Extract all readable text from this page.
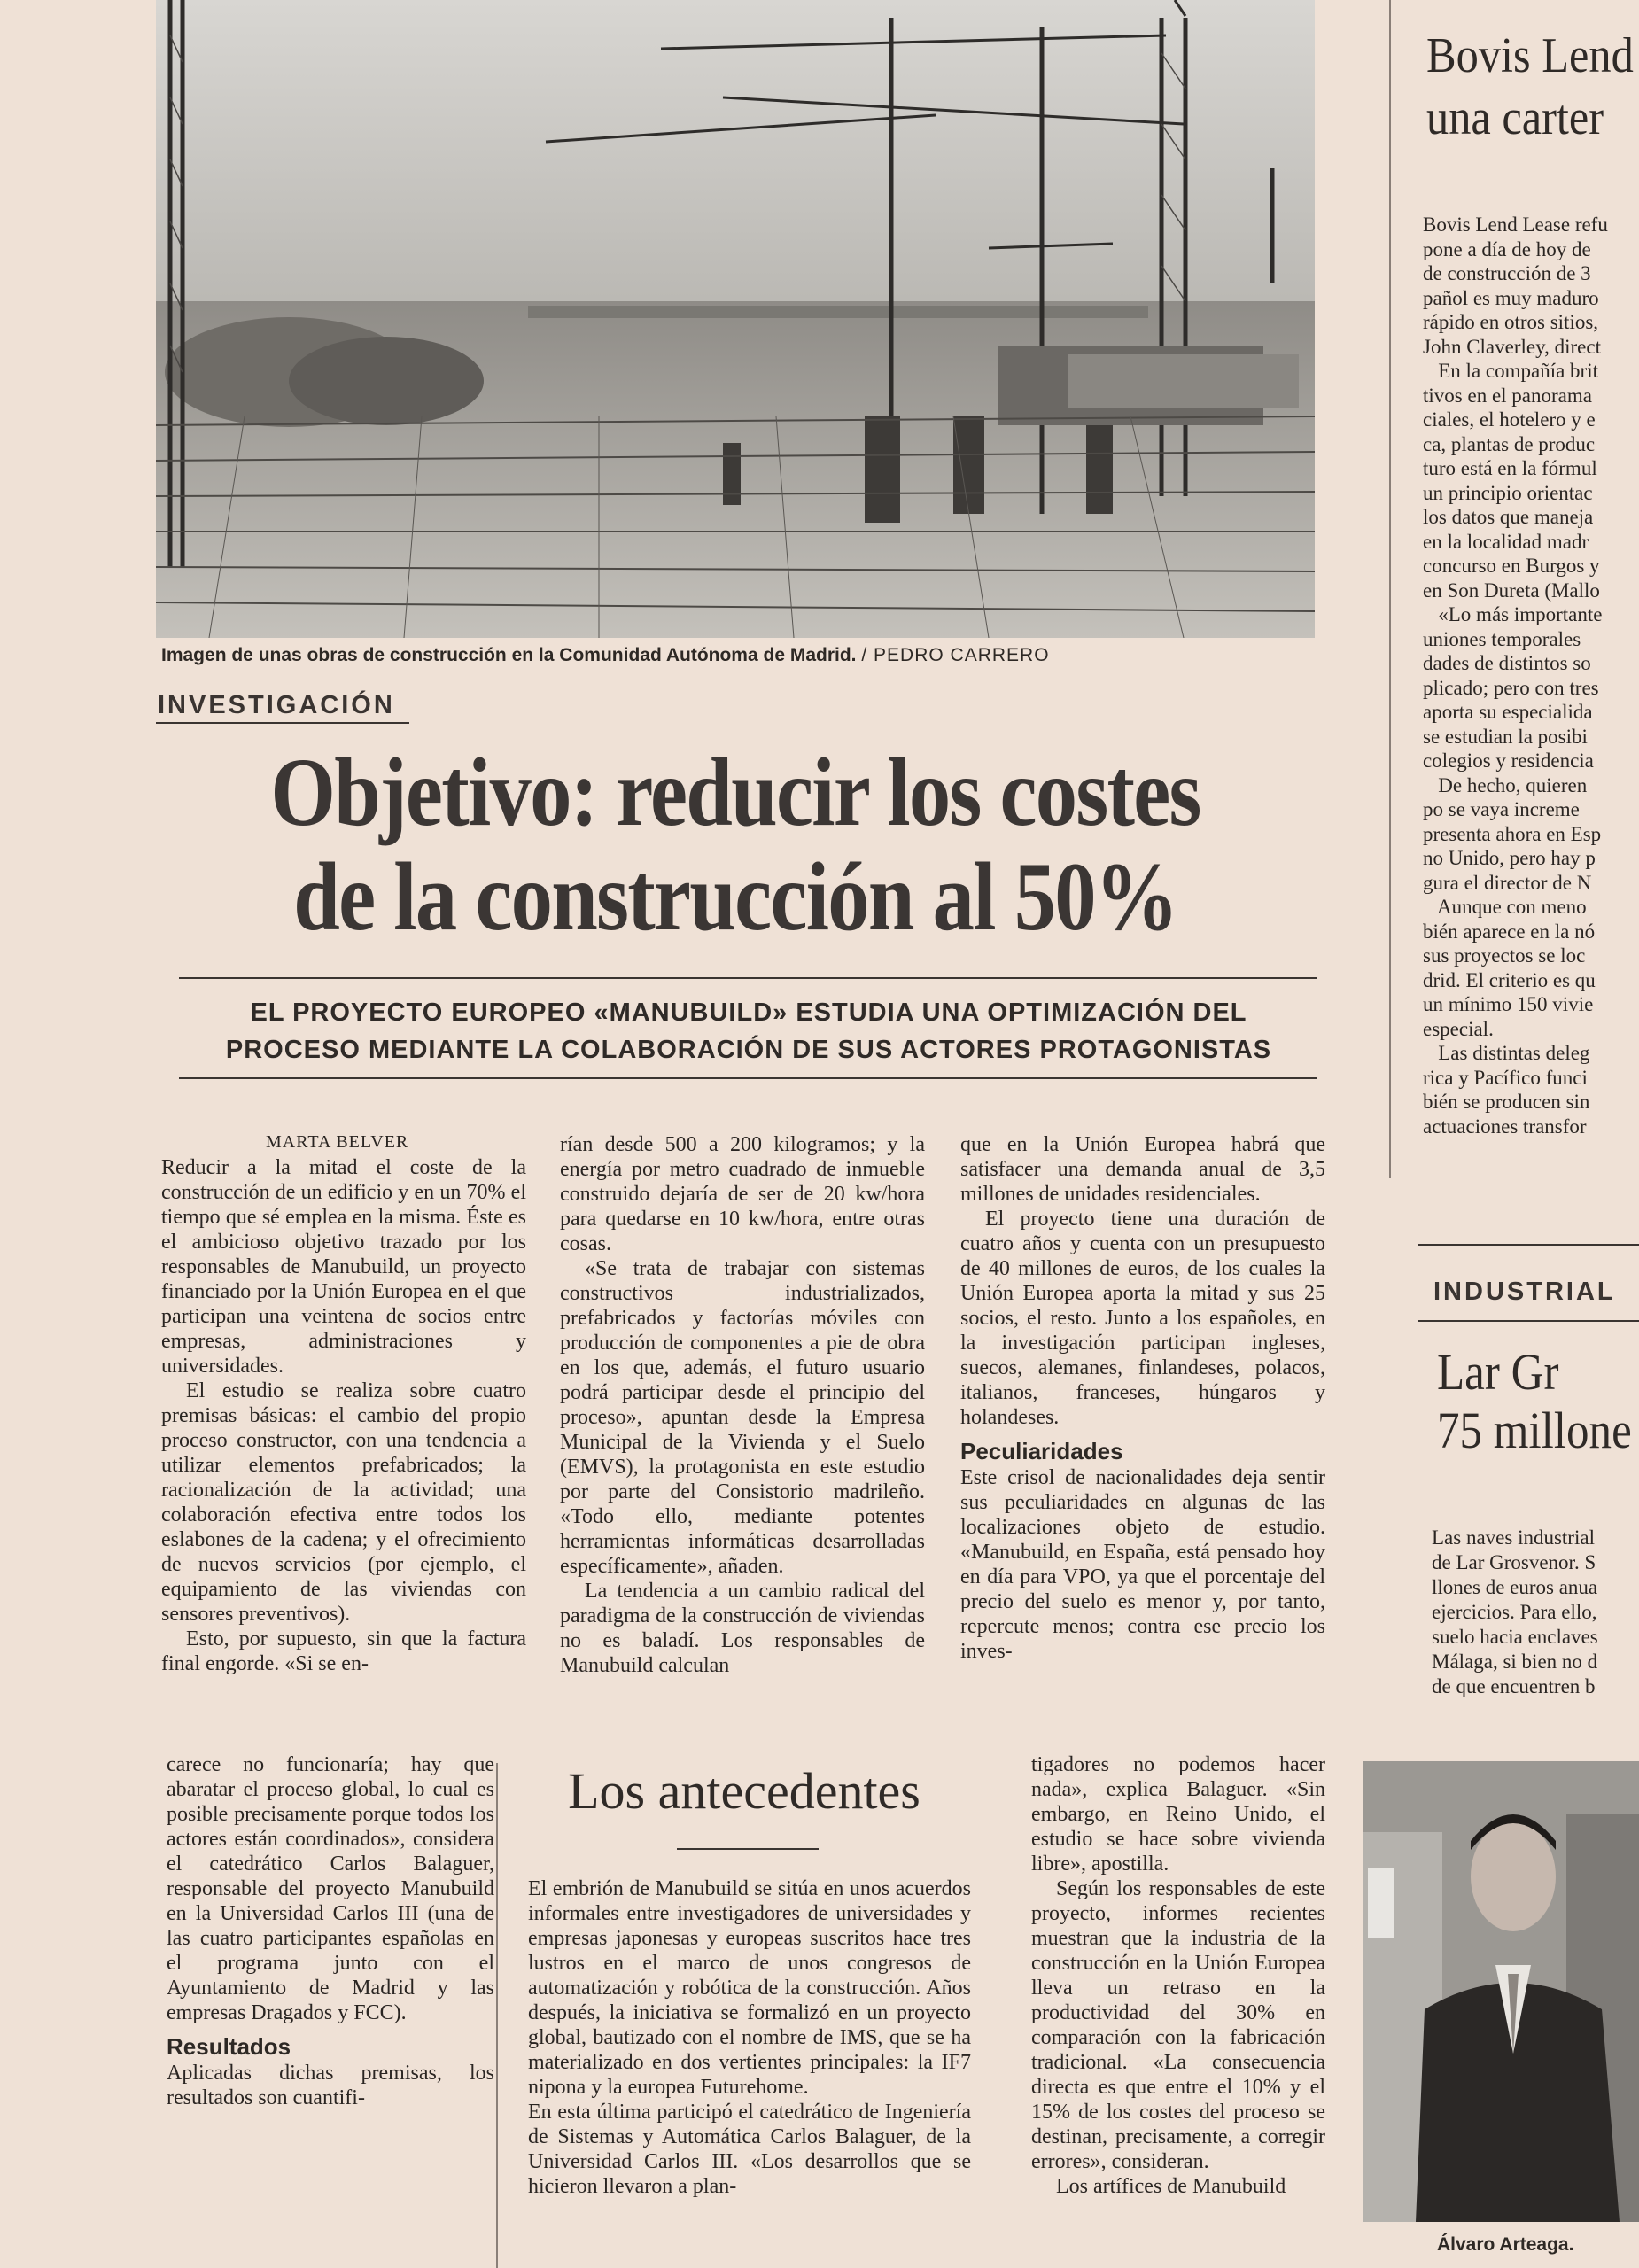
Imagen de unas obras de construcción en la Comunidad Autónoma de Madrid. / PEDRO CARRERO
INVESTIGACIÓN
Objetivo: reducir los costes
de la construcción al 50%
EL PROYECTO EUROPEO «MANUBUILD» ESTUDIA UNA OPTIMIZACIÓN DEL
PROCESO MEDIANTE LA COLABORACIÓN DE SUS ACTORES PROTAGONISTAS
MARTA BELVER

Reducir a la mitad el coste de la construcción de un edificio y en un 70% el tiempo que sé emplea en la misma. Éste es el ambicioso objetivo trazado por los responsables de Manubuild, un proyecto financiado por la Unión Europea en el que participan una veintena de socios entre empresas, administraciones y universidades.

El estudio se realiza sobre cuatro premisas básicas: el cambio del propio proceso constructor, con una tendencia a utilizar elementos prefabricados; la racionalización de la actividad; una colaboración efectiva entre todos los eslabones de la cadena; y el ofrecimiento de nuevos servicios (por ejemplo, el equipamiento de las viviendas con sensores preventivos).

Esto, por supuesto, sin que la factura final engorde. «Si se en-

carece no funcionaría; hay que abaratar el proceso global, lo cual es posible precisamente porque todos los actores están coordinados», considera el catedrático Carlos Balaguer, responsable del proyecto Manubuild en la Universidad Carlos III (una de las cuatro participantes españolas en el programa junto con el Ayuntamiento de Madrid y las empresas Dragados y FCC).

Resultados

Aplicadas dichas premisas, los resultados son cuantifi-

rían desde 500 a 200 kilogramos; y la energía por metro cuadrado de inmueble construido dejaría de ser de 20 kw/hora para quedarse en 10 kw/hora, entre otras cosas.

«Se trata de trabajar con sistemas constructivos industrializados, prefabricados y factorías móviles con producción de componentes a pie de obra en los que, además, el futuro usuario podrá participar desde el principio del proceso», apuntan desde la Empresa Municipal de la Vivienda y el Suelo (EMVS), la protagonista en este estudio por parte del Consistorio madrileño. «Todo ello, mediante potentes herramientas informáticas desarrolladas específicamente», añaden.

La tendencia a un cambio radical del paradigma de la construcción de viviendas no es baladí. Los responsables de Manubuild calculan

que en la Unión Europea habrá que satisfacer una demanda anual de 3,5 millones de unidades residenciales.

El proyecto tiene una duración de cuatro años y cuenta con un presupuesto de 40 millones de euros, de los cuales la Unión Europea aporta la mitad y sus 25 socios, el resto. Junto a los españoles, en la investigación participan ingleses, suecos, alemanes, finlandeses, polacos, italianos, franceses, húngaros y holandeses.

Peculiaridades

Este crisol de nacionalidades deja sentir sus peculiaridades en algunas de las localizaciones objeto de estudio. «Manubuild, en España, está pensado hoy en día para VPO, ya que el porcentaje del precio del suelo es menor y, por tanto, repercute menos; contra ese precio los inves-

tigadores no podemos hacer nada», explica Balaguer. «Sin embargo, en Reino Unido, el estudio se hace sobre vivienda libre», apostilla.

Según los responsables de este proyecto, informes recientes muestran que la industria de la construcción en la Unión Europea lleva un retraso en la productividad del 30% en comparación con la fabricación tradicional. «La consecuencia directa es que entre el 10% y el 15% de los costes del proceso se destinan, precisamente, a corregir errores», consideran.

Los artífices de Manubuild

Los antecedentes

El embrión de Manubuild se sitúa en unos acuerdos informales entre investigadores de universidades y empresas japonesas y europeas suscritos hace tres lustros en el marco de unos congresos de automatización y robótica de la construcción. Años después, la iniciativa se formalizó en un proyecto global, bautizado con el nombre de IMS, que se ha materializado en dos vertientes principales: la IF7 nipona y la europea Futurehome.

En esta última participó el catedrático de Ingeniería de Sistemas y Automática Carlos Balaguer, de la Universidad Carlos III. «Los desarrollos que se hicieron llevaron a plan-

Bovis Lend
una carter

Bovis Lend Lease refu

pone a día de hoy de

de construcción de 3

pañol es muy maduro

rápido en otros sitios,

John Claverley, direct

En la compañía brit

tivos en el panorama

ciales, el hotelero y e

ca, plantas de produc

turo está en la fórmul

un principio orientac

los datos que maneja

en la localidad madr

concurso en Burgos y

en Son Dureta (Mallo

«Lo más importante

uniones temporales

dades de distintos so

plicado; pero con tres

aporta su especialida

se estudian la posibi

colegios y residencia

De hecho, quieren

po se vaya increme

presenta ahora en Esp

no Unido, pero hay p

gura el director de N

Aunque con meno

bién aparece en la nó

sus proyectos se loc

drid. El criterio es qu

un mínimo 150 vivie

especial.

Las distintas deleg

rica y Pacífico funci

bién se producen sin

actuaciones transfor

INDUSTRIAL
Lar Gr
75 millone

Las naves industrial

de Lar Grosvenor. S

llones de euros anua

ejercicios. Para ello,

suelo hacia enclaves

Málaga, si bien no d

de que encuentren b

Álvaro Arteaga.
